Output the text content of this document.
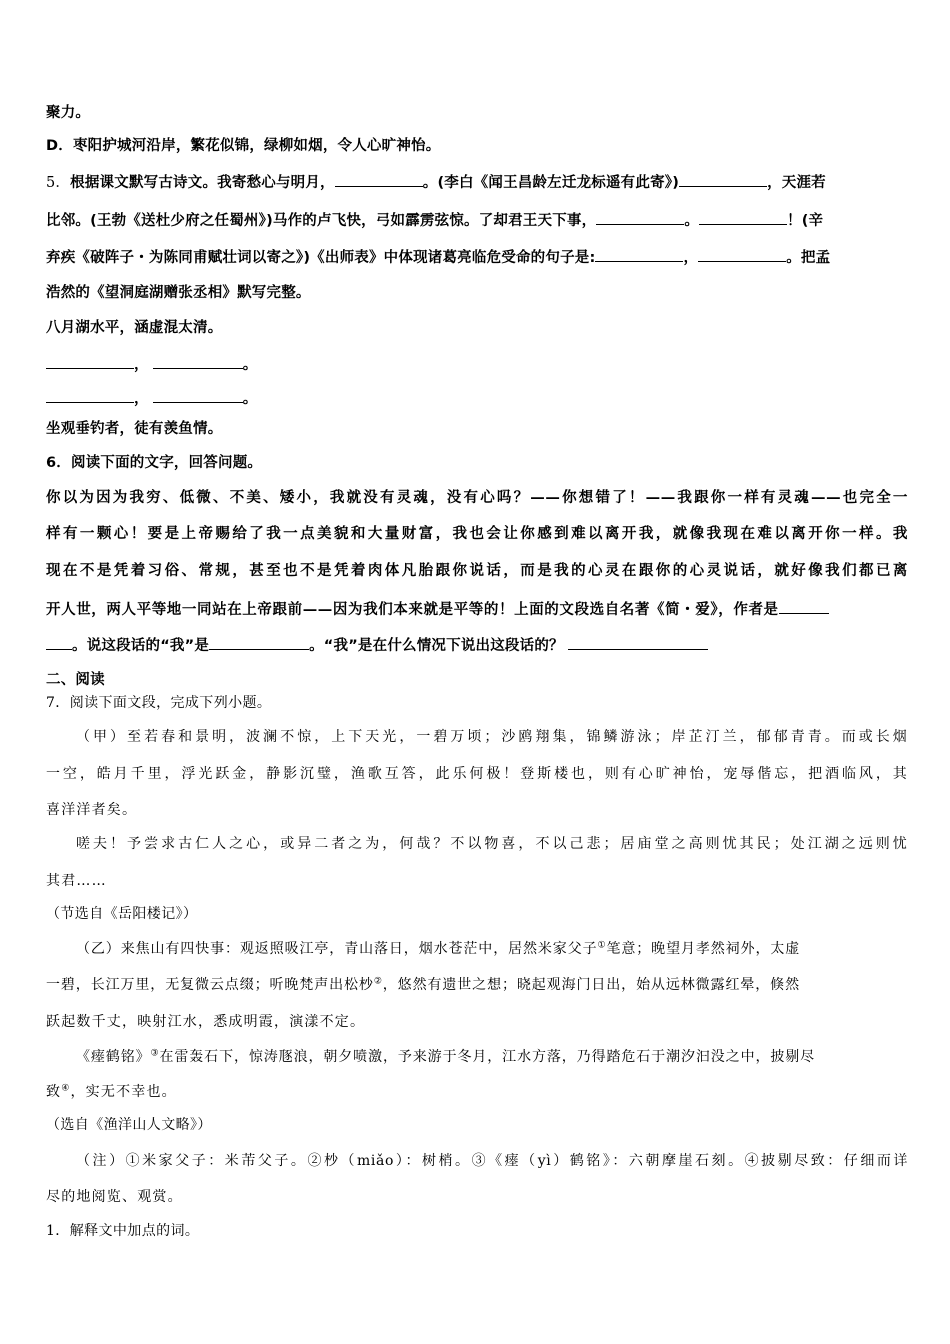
聚力。
D．枣阳护城河沿岸，繁花似锦，绿柳如烟，令人心旷神怡。
5．根据课文默写古诗文。我寄愁心与明月，	。(李白《闻王昌龄左迁龙标遥有此寄》)	，天涯若
比邻。(王勃《送杜少府之任蜀州》)马作的卢飞快，弓如霹雳弦惊。了却君王天下事，	。	！(辛
弃疾《破阵子・为陈同甫赋壮词以寄之》)《出师表》中体现诸葛亮临危受命的句子是:	，	。把孟
浩然的《望洞庭湖赠张丞相》默写完整。
八月湖水平，涵虚混太清。
，	。
，	。
坐观垂钓者，徒有羡鱼情。
6．阅读下面的文字，回答问题。
你以为因为我穷、低微、不美、矮小，我就没有灵魂，没有心吗？——你想错了！——我跟你一样有灵魂——也完全一
样有一颗心！要是上帝赐给了我一点美貌和大量财富，我也会让你感到难以离开我，就像我现在难以离开你一样。我
现在不是凭着习俗、常规，甚至也不是凭着肉体凡胎跟你说话，而是我的心灵在跟你的心灵说话，就好像我们都已离
开人世，两人平等地一同站在上帝跟前——因为我们本来就是平等的！上面的文段选自名著《简・爱》，作者是
。说这段话的“我”是	。“我”是在什么情况下说出这段话的？
二、阅读
7．阅读下面文段，完成下列小题。
（甲）至若春和景明，波澜不惊，上下天光，一碧万顷；沙鸥翔集，锦鳞游泳；岸芷汀兰，郁郁青青。而或长烟
一空，皓月千里，浮光跃金，静影沉璧，渔歌互答，此乐何极！登斯楼也，则有心旷神怡，宠辱偕忘，把酒临风，其
喜洋洋者矣。
嗟夫！予尝求古仁人之心，或异二者之为，何哉？不以物喜，不以己悲；居庙堂之高则忧其民；处江湖之远则忧
其君……
（节选自《岳阳楼记》）
（乙）来焦山有四快事：观返照吸江亭，青山落日，烟水苍茫中，居然米家父子①笔意；晚望月孝然祠外，太虚
一碧，长江万里，无复微云点缀；听晚梵声出松杪②，悠然有遗世之想；晓起观海门日出，始从远林微露红晕，倏然
跃起数千丈，映射江水，悉成明霞，演漾不定。
《瘗鹤铭》③在雷轰石下，惊涛豗浪，朝夕喷激，予来游于冬月，江水方落，乃得踏危石于潮汐汩没之中，披剔尽
致④，实无不幸也。
（选自《渔洋山人文略》）
（注）①米家父子：米芾父子。②杪（miǎo）：树梢。③《瘗（yì）鹤铭》：六朝摩崖石刻。④披剔尽致：仔细而详
尽的地阅览、观赏。
1．解释文中加点的词。
